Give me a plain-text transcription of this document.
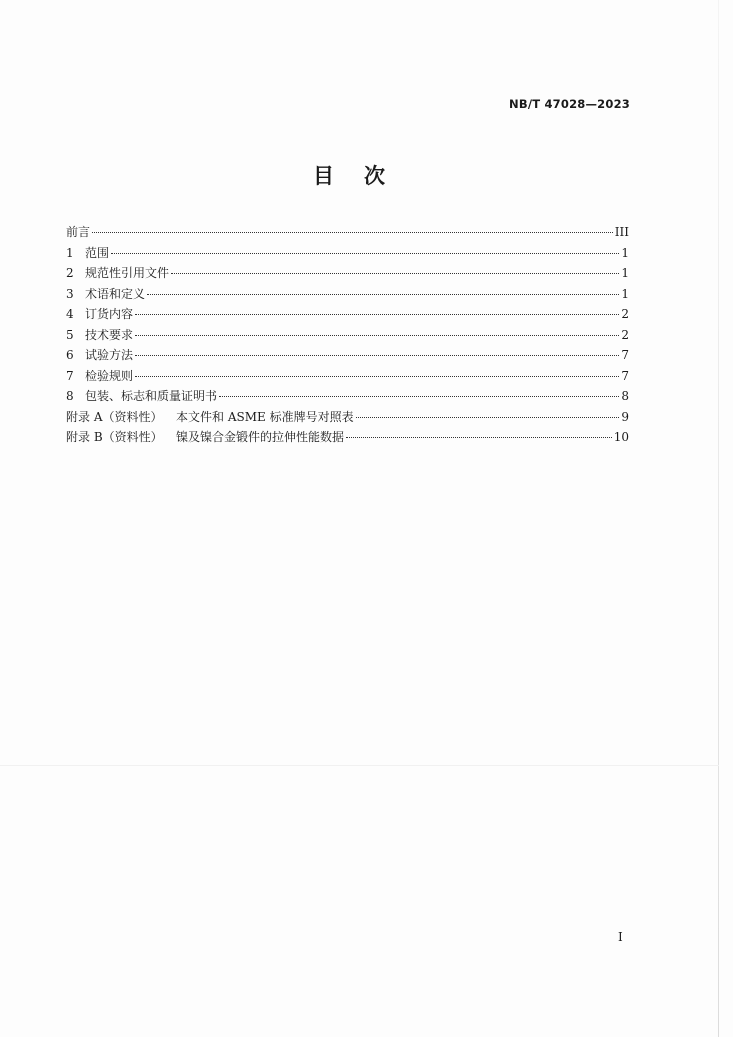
NB/T 47028—2023
目 次
前言	III
1 范围	1
2 规范性引用文件	1
3 术语和定义	1
4 订货内容	2
5 技术要求	2
6 试验方法	7
7 检验规则	7
8 包装、标志和质量证明书	8
附录 A（资料性）	本文件和 ASME 标准牌号对照表	9
附录 B（资料性）	镍及镍合金锻件的拉伸性能数据	10
I
